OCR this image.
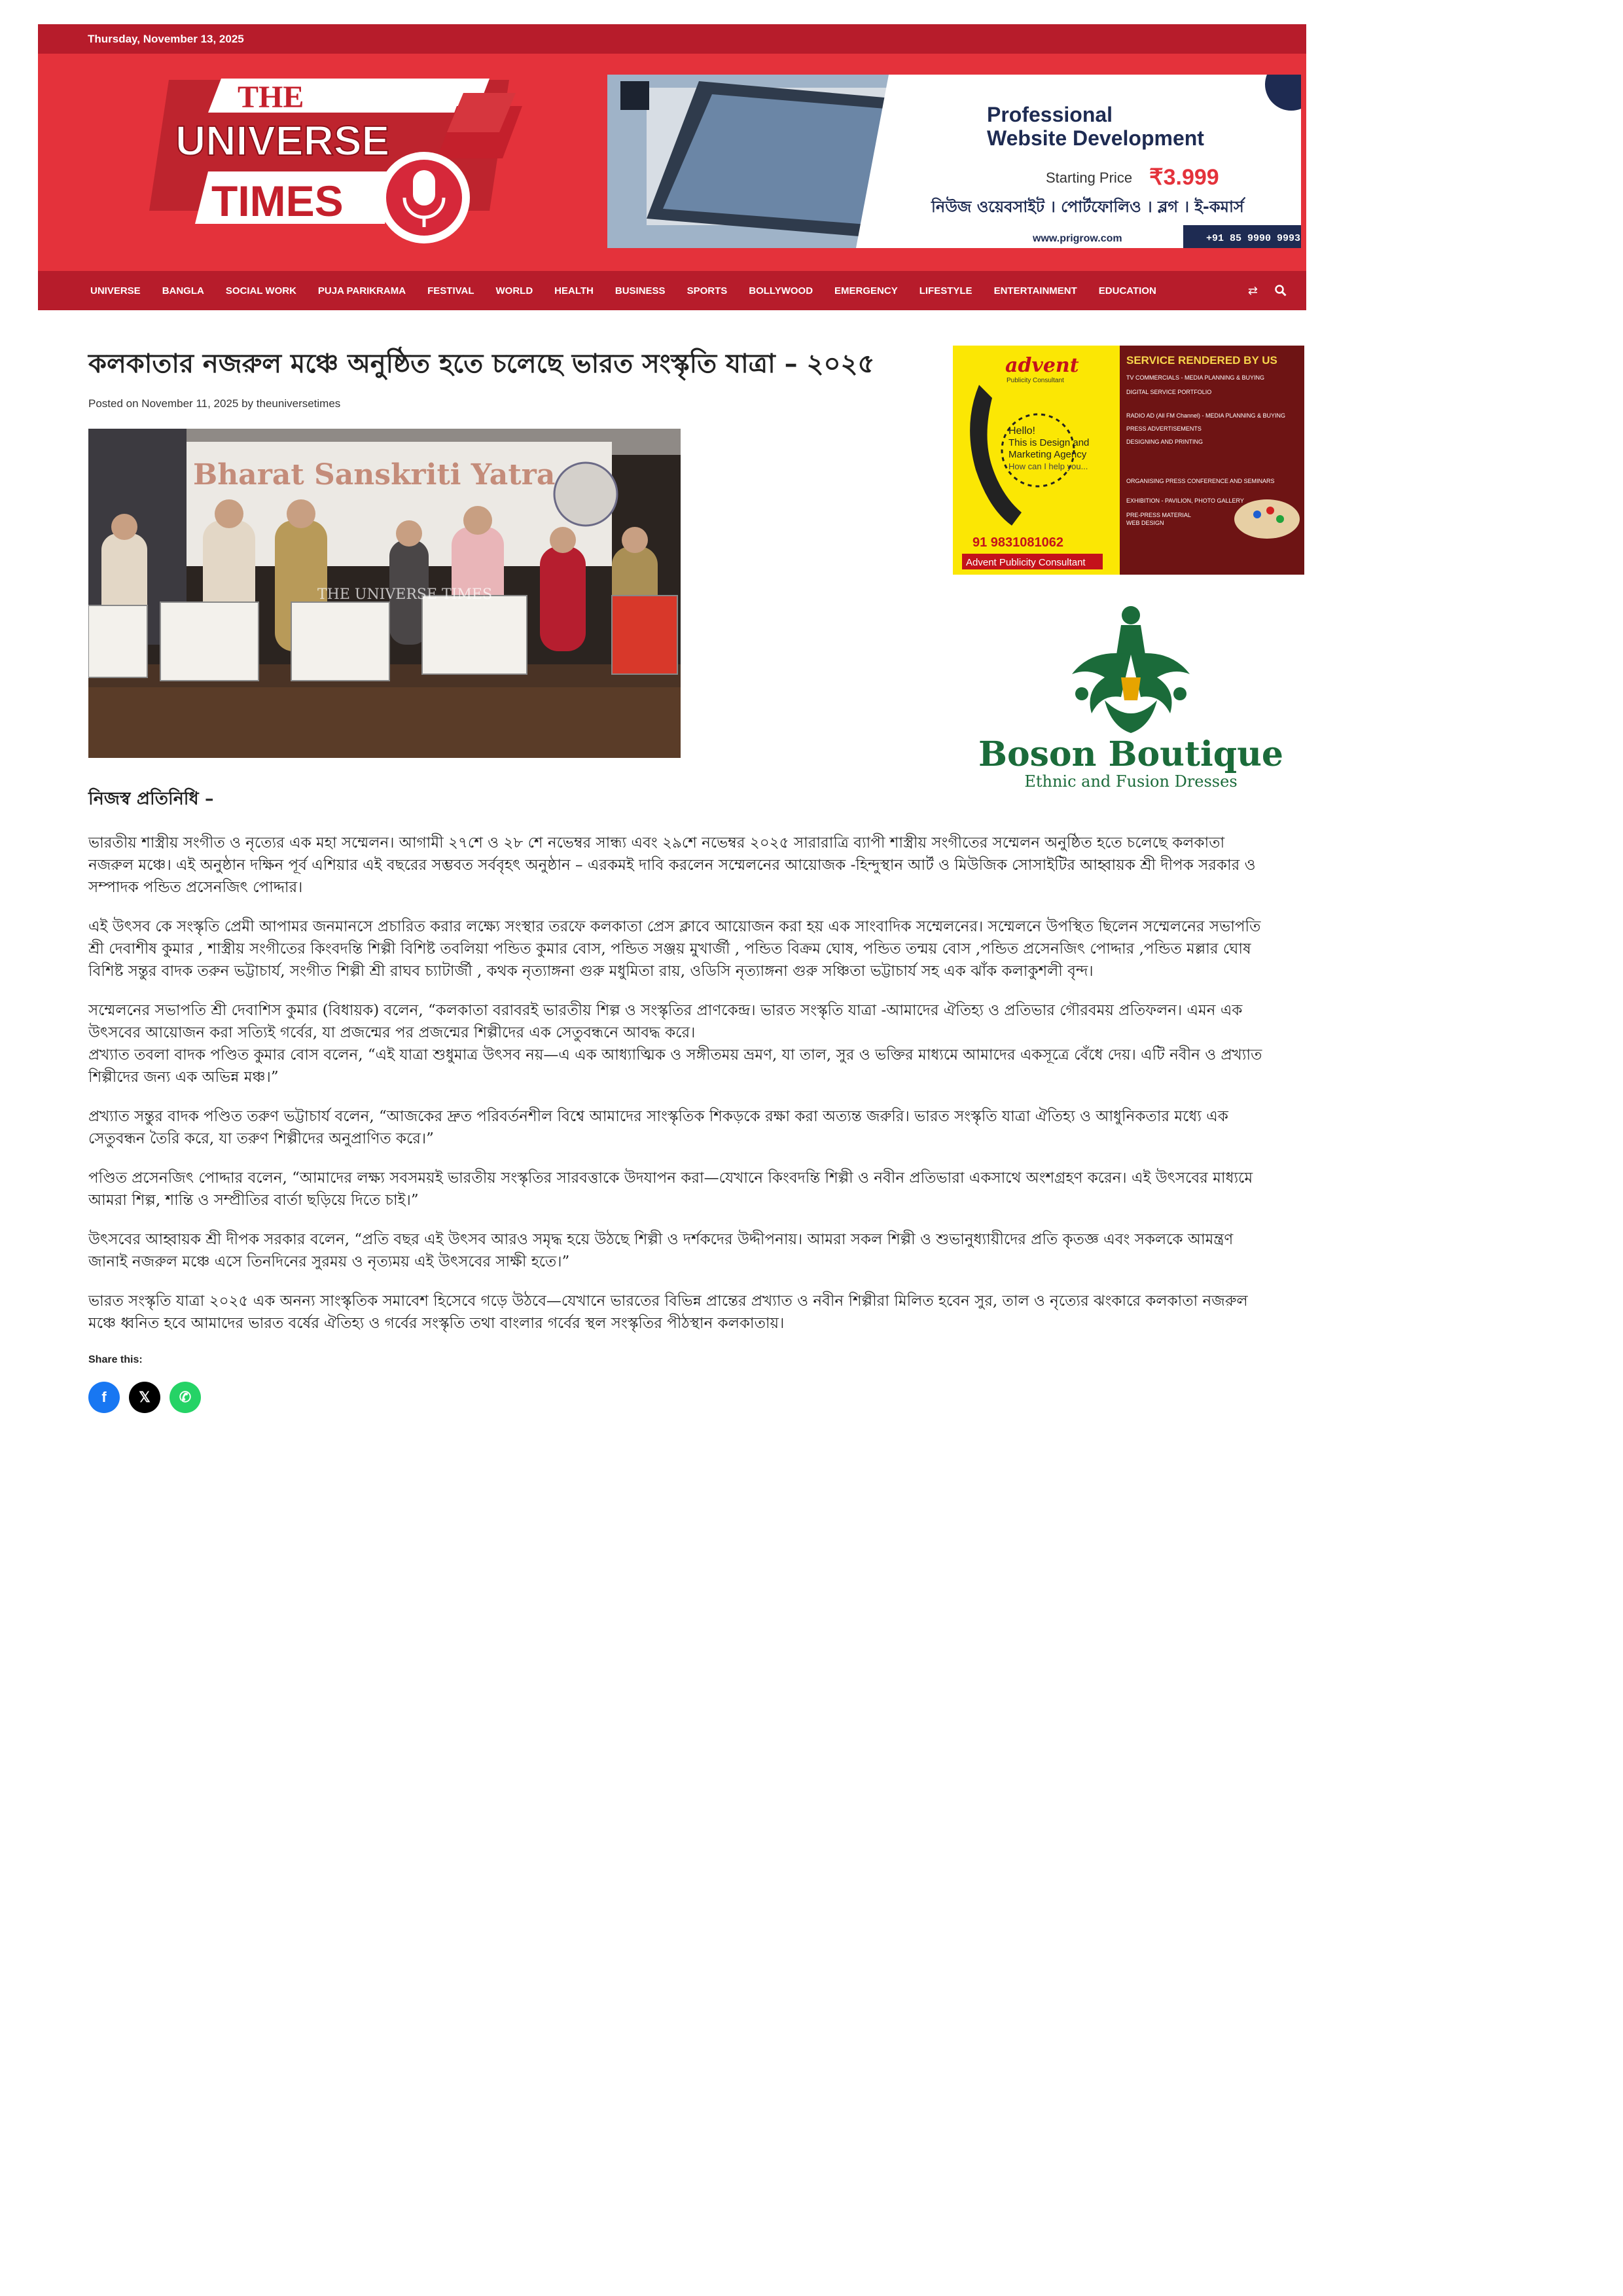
Thursday, November 13, 2025
THE
UNIVERSE
TIMES
Professional
Website Development
Starting Price ₹3.999
নিউজ ওয়েবসাইট । পোর্টফোলিও । ব্লগ । ই-কমার্স
www.prigrow.com	+91 85 9990 9993
UNIVERSE BANGLA SOCIAL WORK PUJA PARIKRAMA FESTIVAL WORLD HEALTH BUSINESS SPORTS BOLLYWOOD EMERGENCY LIFESTYLE ENTERTAINMENT EDUCATION	⇄
কলকাতার নজরুল মঞ্চে অনুষ্ঠিত হতে চলেছে ভারত সংস্কৃতি যাত্রা – ২০২৫
Posted on November 11, 2025 by theuniversetimes
Bharat Sanskriti Yatra
THE UNIVERSE TIMES
নিজস্ব প্রতিনিধি –

ভারতীয় শাস্ত্রীয় সংগীত ও নৃত্যের এক মহা সম্মেলন। আগামী ২৭শে ও ২৮ শে নভেম্বর সান্ধ্য এবং ২৯শে নভেম্বর ২০২৫ সারারাত্রি ব্যাপী শাস্ত্রীয় সংগীতের সম্মেলন অনুষ্ঠিত হতে চলেছে কলকাতা নজরুল মঞ্চে। এই অনুষ্ঠান দক্ষিন পূর্ব এশিয়ার এই বছরের সম্ভবত সর্ববৃহৎ অনুষ্ঠান – এরকমই দাবি করলেন সম্মেলনের আয়োজক -হিন্দুস্থান আর্ট ও মিউজিক সোসাইটির আহ্বায়ক শ্রী দীপক সরকার ও সম্পাদক পন্ডিত প্রসেনজিৎ পোদ্দার।

এই উৎসব কে সংস্কৃতি প্রেমী আপামর জনমানসে প্রচারিত করার লক্ষ্যে সংস্থার তরফে কলকাতা প্রেস ক্লাবে আয়োজন করা হয় এক সাংবাদিক সম্মেলনের। সম্মেলনে উপস্থিত ছিলেন সম্মেলনের সভাপতি শ্রী দেবাশীষ কুমার , শাস্ত্রীয় সংগীতের কিংবদন্তি শিল্পী বিশিষ্ট তবলিয়া পন্ডিত কুমার বোস, পন্ডিত সঞ্জয় মুখার্জী , পন্ডিত বিক্রম ঘোষ, পন্ডিত তন্ময় বোস ,পন্ডিত প্রসেনজিৎ পোদ্দার ,পন্ডিত মল্লার ঘোষ বিশিষ্ট সন্তুর বাদক তরুন ভট্টাচার্য, সংগীত শিল্পী শ্রী রাঘব চ্যাটার্জী , কথক নৃত্যাঙ্গনা গুরু মধুমিতা রায়, ওডিসি নৃত্যাঙ্গনা গুরু সঞ্চিতা ভট্টাচার্য সহ এক ঝাঁক কলাকুশলী বৃন্দ।

সম্মেলনের সভাপতি শ্রী দেবাশিস কুমার (বিধায়ক) বলেন, “কলকাতা বরাবরই ভারতীয় শিল্প ও সংস্কৃতির প্রাণকেন্দ্র। ভারত সংস্কৃতি যাত্রা -আমাদের ঐতিহ্য ও প্রতিভার গৌরবময় প্রতিফলন। এমন এক উৎসবের আয়োজন করা সত্যিই গর্বের, যা প্রজন্মের পর প্রজন্মের শিল্পীদের এক সেতুবন্ধনে আবদ্ধ করে।
প্রখ্যাত তবলা বাদক পণ্ডিত কুমার বোস বলেন, “এই যাত্রা শুধুমাত্র উৎসব নয়—এ এক আধ্যাত্মিক ও সঙ্গীতময় ভ্রমণ, যা তাল, সুর ও ভক্তির মাধ্যমে আমাদের একসূত্রে বেঁধে দেয়। এটি নবীন ও প্রখ্যাত শিল্পীদের জন্য এক অভিন্ন মঞ্চ।”

প্রখ্যাত সন্তুর বাদক পণ্ডিত তরুণ ভট্টাচার্য বলেন, “আজকের দ্রুত পরিবর্তনশীল বিশ্বে আমাদের সাংস্কৃতিক শিকড়কে রক্ষা করা অত্যন্ত জরুরি। ভারত সংস্কৃতি যাত্রা ঐতিহ্য ও আধুনিকতার মধ্যে এক সেতুবন্ধন তৈরি করে, যা তরুণ শিল্পীদের অনুপ্রাণিত করে।”

পণ্ডিত প্রসেনজিৎ পোদ্দার বলেন, “আমাদের লক্ষ্য সবসময়ই ভারতীয় সংস্কৃতির সারবত্তাকে উদযাপন করা—যেখানে কিংবদন্তি শিল্পী ও নবীন প্রতিভারা একসাথে অংশগ্রহণ করেন। এই উৎসবের মাধ্যমে আমরা শিল্প, শান্তি ও সম্প্রীতির বার্তা ছড়িয়ে দিতে চাই।”

উৎসবের আহ্বায়ক শ্রী দীপক সরকার বলেন, “প্রতি বছর এই উৎসব আরও সমৃদ্ধ হয়ে উঠছে শিল্পী ও দর্শকদের উদ্দীপনায়। আমরা সকল শিল্পী ও শুভানুধ্যায়ীদের প্রতি কৃতজ্ঞ এবং সকলকে আমন্ত্রণ জানাই নজরুল মঞ্চে এসে তিনদিনের সুরময় ও নৃত্যময় এই উৎসবের সাক্ষী হতে।”

ভারত সংস্কৃতি যাত্রা ২০২৫ এক অনন্য সাংস্কৃতিক সমাবেশ হিসেবে গড়ে উঠবে—যেখানে ভারতের বিভিন্ন প্রান্তের প্রখ্যাত ও নবীন শিল্পীরা মিলিত হবেন সুর, তাল ও নৃত্যের ঝংকারে কলকাতা নজরুল মঞ্চে ধ্বনিত হবে আমাদের ভারত বর্ষের ঐতিহ্য ও গর্বের সংস্কৃতি তথা বাংলার গর্বের স্থল সংস্কৃতির পীঠস্থান কলকাতায়।

Share this:
f 𝕏 ✆
advent
Publicity Consultant
Hello!
This is Design and
Marketing Agency
How can I help you...
91 9831081062
Advent Publicity Consultant
SERVICE RENDERED BY US
TV COMMERCIALS - MEDIA PLANNING & BUYING
DIGITAL SERVICE PORTFOLIO
RADIO AD (All FM Channel) - MEDIA PLANNING & BUYING
PRESS ADVERTISEMENTS
DESIGNING AND PRINTING
ORGANISING PRESS CONFERENCE AND SEMINARS
EXHIBITION - PAVILION, PHOTO GALLERY
PRE-PRESS MATERIAL
WEB DESIGN
Boson Boutique
Ethnic and Fusion Dresses
